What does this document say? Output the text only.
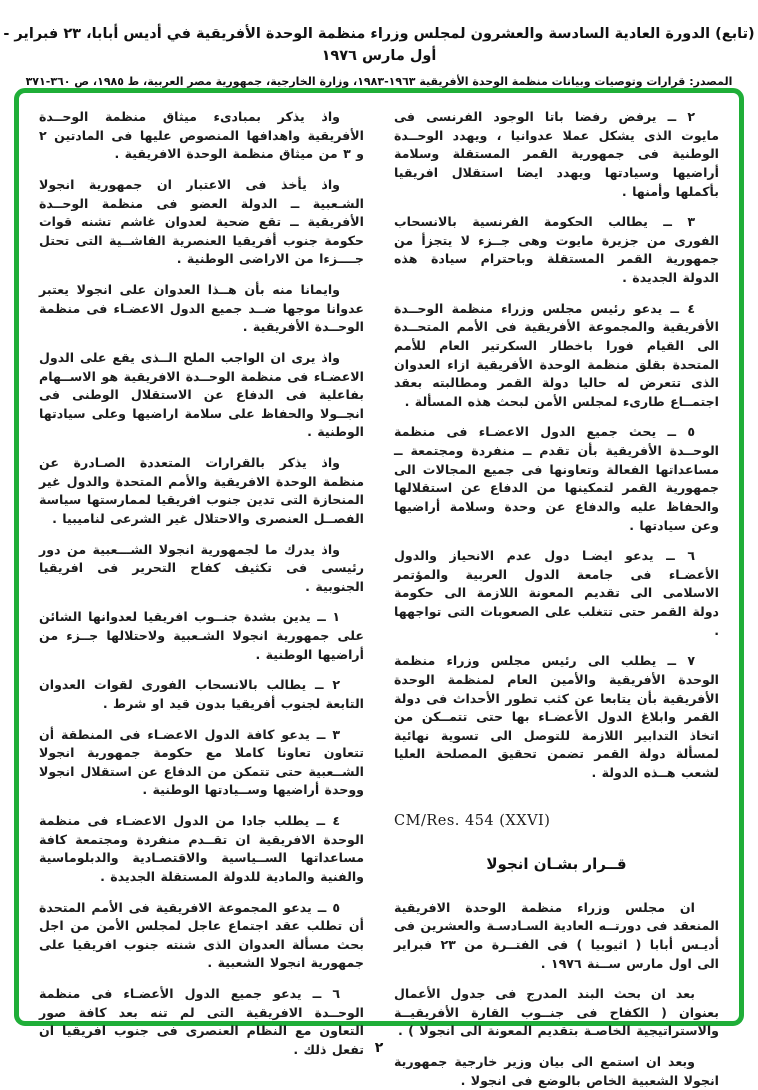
(تابع) الدورة العادية السادسة والعشرون لمجلس وزراء منظمة الوحدة الأفريقية في أديس أبابا، ٢٣ فبراير - أول مارس ١٩٧٦
المصدر: قرارات وتوصيات وبيانات منظمة الوحدة الأفريقية ١٩٦٣-١٩٨٣، وزارة الخارجية، جمهورية مصر العربية، ط ١٩٨٥، ص ٣٦٠-٣٧١

٢ ــ يرفض رفضا باتا الوجود الفرنسى فى مايوت الذى يشكل عملا عدوانيا ، ويهدد الوحــدة الوطنية فى جمهورية القمر المستقلة وسلامة أراضيها وسيادتها ويهدد ايضا استقلال افريقيا بأكملها وأمنها .

٣ ــ يطالب الحكومة الفرنسية بالانسحاب الفورى من جزيرة مايوت وهى جــزء لا يتجزأ من جمهورية القمر المستقلة وباحترام سيادة هذه الدولة الجديدة .

٤ ــ يدعو رئيس مجلس وزراء منظمة الوحــدة الأفريقية والمجموعة الأفريقية فى الأمم المتحــدة الى القيام فورا باخطار السكرتير العام للأمم المتحدة بقلق منظمة الوحدة الأفريقية ازاء العدوان الذى تتعرض له حاليا دولة القمر ومطالبته بعقد اجتمــاع طارىء لمجلس الأمن لبحث هذه المسألة .

٥ ــ يحث جميع الدول الاعضـاء فى منظمة الوحــدة الأفريقية بأن تقدم ــ منفردة ومجتمعة ــ مساعداتها الفعالة وتعاونها فى جميع المجالات الى جمهورية القمر لتمكينها من الدفاع عن استقلالها والحفاظ عليه والدفاع عن وحدة وسلامة أراضيها وعن سيادتها .

٦ ــ يدعو ايضـا دول عدم الانحياز والدول الأعضـاء فى جامعة الدول العربية والمؤتمر الاسلامى الى تقديم المعونة اللازمة الى حكومة دولة القمر حتى تتغلب على الصعوبات التى تواجهها .

٧ ــ يطلب الى رئيس مجلس وزراء منظمة الوحدة الأفريقية والأمين العام لمنظمة الوحدة الأفريقية بأن يتابعا عن كثب تطور الأحداث فى دولة القمر وابلاغ الدول الأعضـاء بها حتى تتمــكن من اتخاذ التدابير اللازمة للتوصل الى تسوية نهائية لمسألة دولة القمر تضمن تحقيق المصلحة العليا لشعب هــذه الدولة .

CM/Res. 454 (XXVI)
قــرار بشـان انجولا

ان مجلس وزراء منظمة الوحدة الافريقية المنعقد فى دورتــه العادية السـادسـة والعشرين فى أديـس أبابا ( اثيوبيا ) فى الفتــرة من ٢٣ فبراير الى اول مارس ســنة ١٩٧٦ .

بعد ان بحث البند المدرج فى جدول الأعمال بعنوان ( الكفاح فى جنــوب القارة الأفريقيــة والاستراتيجية الخاصـة بتقديم المعونة الى انجولا ) .

وبعد ان استمع الى بيان وزير خارجية جمهورية انجولا الشعبية الخاص بالوضع فى انجولا .

واذ يذكر بمبادىء ميثاق منظمة الوحــدة الأفريقية واهدافها المنصوص عليها فى المادتين ٢ و ٣ من ميثاق منظمة الوحدة الافريقية .

واذ يأخذ فى الاعتبار ان جمهورية انجولا الشـعبية ــ الدولة العضو فى منظمة الوحــدة الأفريقية ــ تقع ضحية لعدوان غاشم تشنه قوات حكومة جنوب أفريقيا العنصرية الفاشــية التى تحتل جــــزءا من الاراضى الوطنية .

وايمانا منه بأن هــذا العدوان على انجولا يعتبر عدوانا موجها ضــد جميع الدول الاعضـاء فى منظمة الوحــدة الأفريقية .

واذ يرى ان الواجب الملح الــذى يقع على الدول الاعضـاء فى منظمة الوحــدة الافريقية هو الاســهام بفاعلية فى الدفاع عن الاستقلال الوطنى فى انجــولا والحفاظ على سلامة اراضيها وعلى سيادتها الوطنية .

واذ يذكر بالقرارات المتعددة الصـادرة عن منظمة الوحدة الافريقية والأمم المتحدة والدول غير المنحازة التى تدين جنوب افريقيا لممارستها سياسة الفصــل العنصرى والاحتلال غير الشرعى لناميبيا .

واذ يدرك ما لجمهورية انجولا الشـــعبية من دور رئيسى فى تكثيف كفاح التحرير فى افريقيا الجنوبية .

١ ــ يدين بشدة جنــوب افريقيا لعدوانها الشائن على جمهورية انجولا الشـعبية ولاحتلالها جــزء من أراضيها الوطنية .

٢ ــ يطالب بالانسحاب الفورى لقوات العدوان التابعة لجنوب أفريقيا بدون قيد او شرط .

٣ ــ يدعو كافة الدول الاعضـاء فى المنطقة أن تتعاون تعاونا كاملا مع حكومة جمهورية انجولا الشــعبية حتى تتمكن من الدفاع عن استقلال انجولا ووحدة أراضيها وســيادتها الوطنية .

٤ ــ يطلب جادا من الدول الاعضـاء فى منظمة الوحدة الافريقية ان تقــدم منفردة ومجتمعة كافة مساعداتها الســياسية والاقتصـادية والدبلوماسية والفنية والمادية للدولة المستقلة الجديدة .

٥ ــ يدعو المجموعة الافريقية فى الأمم المتحدة أن تطلب عقد اجتماع عاجل لمجلس الأمن من اجل بحث مسألة العدوان الذى شنته جنوب افريقيا على جمهورية انجولا الشعبية .

٦ ــ يدعو جميع الدول الأعضـاء فى منظمة الوحــدة الافريقية التى لم تنه بعد كافة صور التعاون مع النظام العنصرى فى جنوب افريقيا ان تفعل ذلك . ٢
